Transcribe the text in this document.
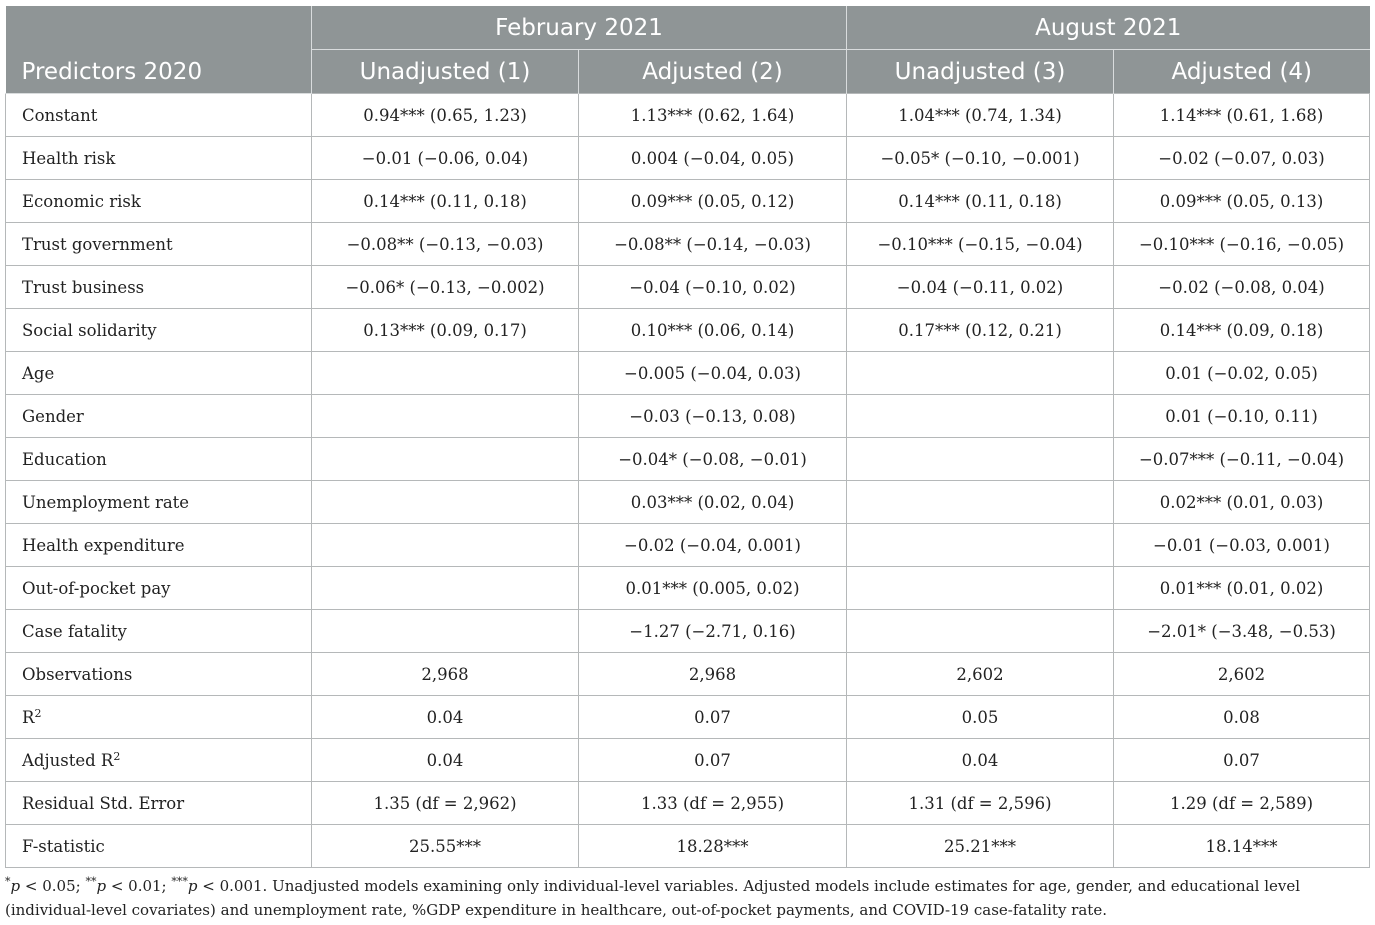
Predictors 2020	February 2021		August 2021	
	Unadjusted (1)	Adjusted (2)	Unadjusted (3)	Adjusted (4)
Constant	0.94*** (0.65, 1.23)	1.13*** (0.62, 1.64)	1.04*** (0.74, 1.34)	1.14*** (0.61, 1.68)
Health risk	−0.01 (−0.06, 0.04)	0.004 (−0.04, 0.05)	−0.05* (−0.10, −0.001)	−0.02 (−0.07, 0.03)
Economic risk	0.14*** (0.11, 0.18)	0.09*** (0.05, 0.12)	0.14*** (0.11, 0.18)	0.09*** (0.05, 0.13)
Trust government	−0.08** (−0.13, −0.03)	−0.08** (−0.14, −0.03)	−0.10*** (−0.15, −0.04)	−0.10*** (−0.16, −0.05)
Trust business	−0.06* (−0.13, −0.002)	−0.04 (−0.10, 0.02)	−0.04 (−0.11, 0.02)	−0.02 (−0.08, 0.04)
Social solidarity	0.13*** (0.09, 0.17)	0.10*** (0.06, 0.14)	0.17*** (0.12, 0.21)	0.14*** (0.09, 0.18)
Age		−0.005 (−0.04, 0.03)		0.01 (−0.02, 0.05)
Gender		−0.03 (−0.13, 0.08)		0.01 (−0.10, 0.11)
Education		−0.04* (−0.08, −0.01)		−0.07*** (−0.11, −0.04)
Unemployment rate		0.03*** (0.02, 0.04)		0.02*** (0.01, 0.03)
Health expenditure		−0.02 (−0.04, 0.001)		−0.01 (−0.03, 0.001)
Out-of-pocket pay		0.01*** (0.005, 0.02)		0.01*** (0.01, 0.02)
Case fatality		−1.27 (−2.71, 0.16)		−2.01* (−3.48, −0.53)
Observations	2,968	2,968	2,602	2,602
$R^2$	0.04	0.07	0.05	0.08
Adjusted $R^2$	0.04	0.07	0.04	0.07
Residual Std. Error	1.35 (df = 2,962)	1.33 (df = 2,955)	1.31 (df = 2,596)	1.29 (df = 2,589)
F-statistic	25.55***	18.28***	25.21***	18.14***
*p < 0.05; **p < 0.01; ***p < 0.001. Unadjusted models examining only individual-level variables. Adjusted models include estimates for age, gender, and educational level (individual-level covariates) and unemployment rate, %GDP expenditure in healthcare, out-of-pocket payments, and COVID-19 case-fatality rate.
